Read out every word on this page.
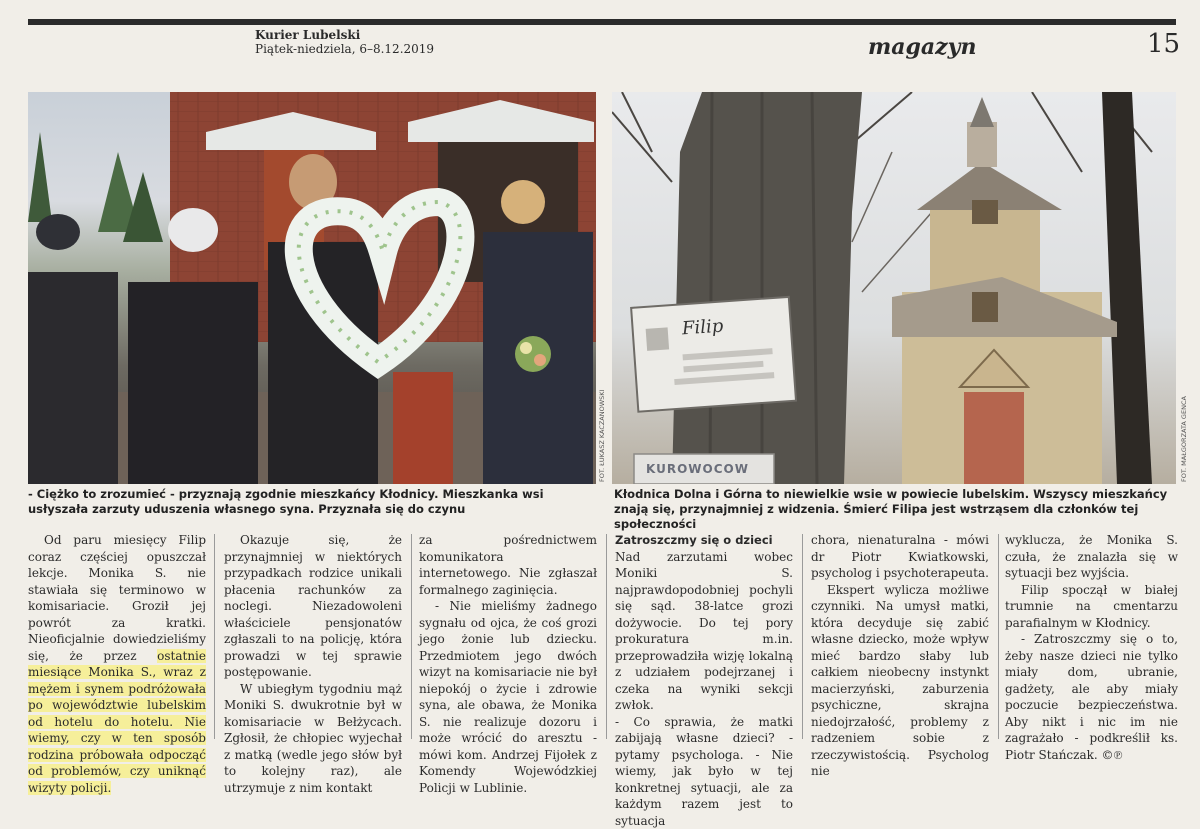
Kurier Lubelski
Piątek-niedziela, 6–8.12.2019	magazyn	15
FOT. ŁUKASZ KACZANOWSKI
Filip
KUROWOCOW	FOT. MAŁGORZATA GENCA
- Ciężko to zrozumieć - przyznają zgodnie mieszkańcy Kłodnicy. Mieszkanka wsi usłyszała zarzuty uduszenia własnego syna. Przyznała się do czynu
Kłodnica Dolna i Górna to niewielkie wsie w powiecie lubelskim. Wszyscy mieszkańcy znają się, przynajmniej z widzenia. Śmierć Filipa jest wstrząsem dla członków tej społeczności

Od paru miesięcy Filip coraz częściej opuszczał lekcje. Monika S. nie stawiała się terminowo w komisariacie. Groził jej powrót za kratki. Nieoficjalnie dowiedzieliśmy się, że przez ostatnie miesiące Monika S., wraz z mężem i synem podróżowała po województwie lubelskim od hotelu do hotelu. Nie wiemy, czy w ten sposób rodzina próbowała odpocząć od problemów, czy uniknąć wizyty policji.

Okazuje się, że przynajmniej w niektórych przypadkach rodzice unikali płacenia rachunków za noclegi. Niezadowoleni właściciele pensjonatów zgłaszali to na policję, która prowadzi w tej sprawie postępowanie.

W ubiegłym tygodniu mąż Moniki S. dwukrotnie był w komisariacie w Bełżycach. Zgłosił, że chłopiec wyjechał z matką (wedle jego słów był to kolejny raz), ale utrzymuje z nim kontakt

za pośrednictwem komunikatora internetowego. Nie zgłaszał formalnego zaginięcia.

- Nie mieliśmy żadnego sygnału od ojca, że coś grozi jego żonie lub dziecku. Przedmiotem jego dwóch wizyt na komisariacie nie był niepokój o życie i zdrowie syna, ale obawa, że Monika S. nie realizuje dozoru i może wrócić do aresztu - mówi kom. Andrzej Fijołek z Komendy Wojewódzkiej Policji w Lublinie.

Zatroszczmy się o dzieci

Nad zarzutami wobec Moniki S. najprawdopodobniej pochyli się sąd. 38-latce grozi dożywocie. Do tej pory prokuratura m.in. przeprowadziła wizję lokalną z udziałem podejrzanej i czeka na wyniki sekcji zwłok.

- Co sprawia, że matki zabijają własne dzieci? - pytamy psychologa. - Nie wiemy, jak było w tej konkretnej sytuacji, ale za każdym razem jest to sytuacja

chora, nienaturalna - mówi dr Piotr Kwiatkowski, psycholog i psychoterapeuta.

Ekspert wylicza możliwe czynniki. Na umysł matki, która decyduje się zabić własne dziecko, może wpływ mieć bardzo słaby lub całkiem nieobecny instynkt macierzyński, zaburzenia psychiczne, skrajna niedojrzałość, problemy z radzeniem sobie z rzeczywistością. Psycholog nie

wyklucza, że Monika S. czuła, że znalazła się w sytuacji bez wyjścia.

Filip spoczął w białej trumnie na cmentarzu parafialnym w Kłodnicy.

- Zatroszczmy się o to, żeby nasze dzieci nie tylko miały dom, ubranie, gadżety, ale aby miały poczucie bezpieczeństwa. Aby nikt i nic im nie zagrażało - podkreślił ks. Piotr Stańczak. ©℗
